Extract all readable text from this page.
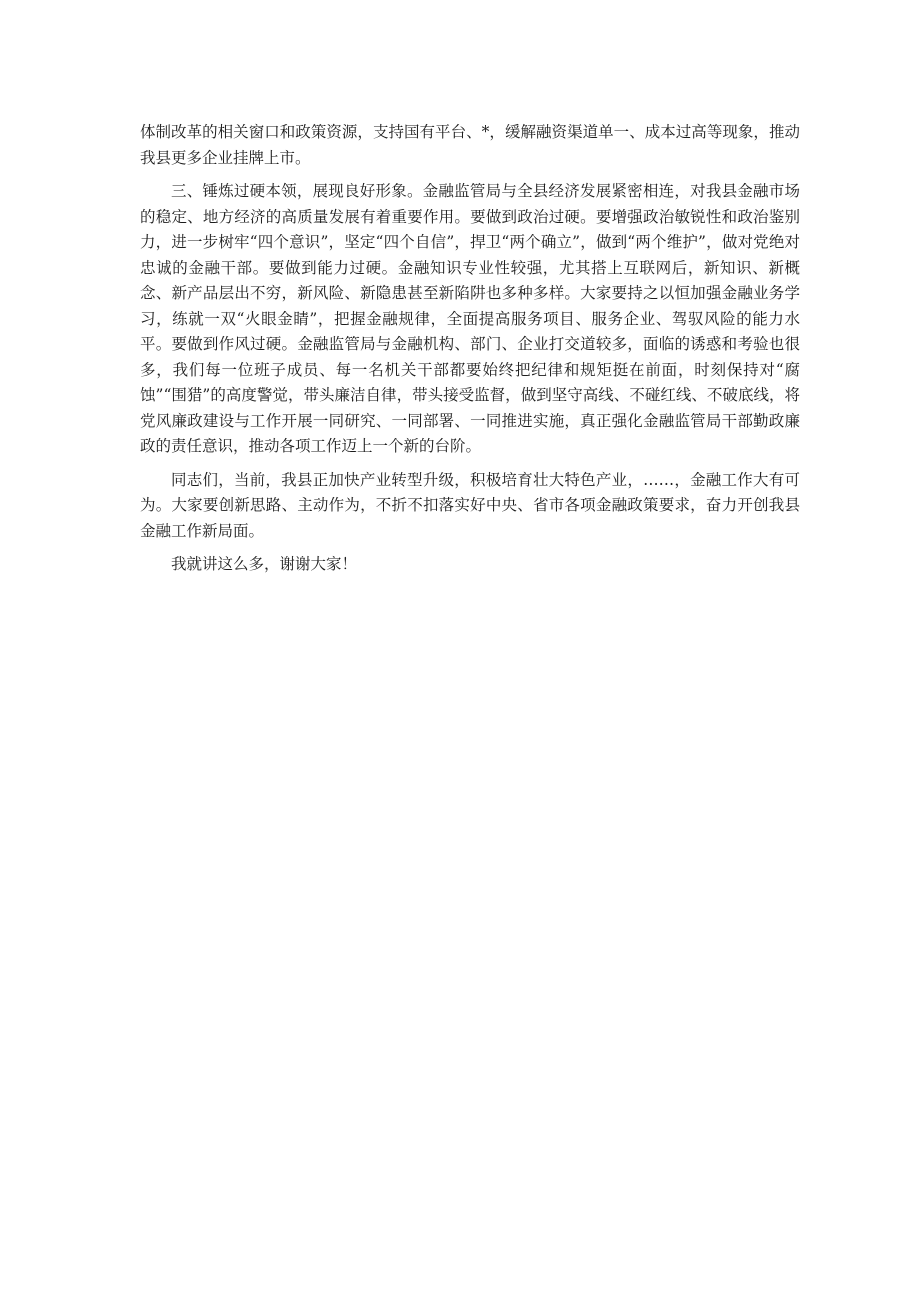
体制改革的相关窗口和政策资源，支持国有平台、*，缓解融资渠道单一、成本过高等现象，推动我县更多企业挂牌上市。

三、锤炼过硬本领，展现良好形象。金融监管局与全县经济发展紧密相连，对我县金融市场的稳定、地方经济的高质量发展有着重要作用。要做到政治过硬。要增强政治敏锐性和政治鉴别力，进一步树牢“四个意识”，坚定“四个自信”，捍卫“两个确立”，做到“两个维护”，做对党绝对忠诚的金融干部。要做到能力过硬。金融知识专业性较强，尤其搭上互联网后，新知识、新概念、新产品层出不穷，新风险、新隐患甚至新陷阱也多种多样。大家要持之以恒加强金融业务学习，练就一双“火眼金睛”，把握金融规律，全面提高服务项目、服务企业、驾驭风险的能力水平。要做到作风过硬。金融监管局与金融机构、部门、企业打交道较多，面临的诱惑和考验也很多，我们每一位班子成员、每一名机关干部都要始终把纪律和规矩挺在前面，时刻保持对“腐蚀”“围猎”的高度警觉，带头廉洁自律，带头接受监督，做到坚守高线、不碰红线、不破底线，将党风廉政建设与工作开展一同研究、一同部署、一同推进实施，真正强化金融监管局干部勤政廉政的责任意识，推动各项工作迈上一个新的台阶。

同志们，当前，我县正加快产业转型升级，积极培育壮大特色产业，……，金融工作大有可为。大家要创新思路、主动作为，不折不扣落实好中央、省市各项金融政策要求，奋力开创我县金融工作新局面。

我就讲这么多，谢谢大家！
